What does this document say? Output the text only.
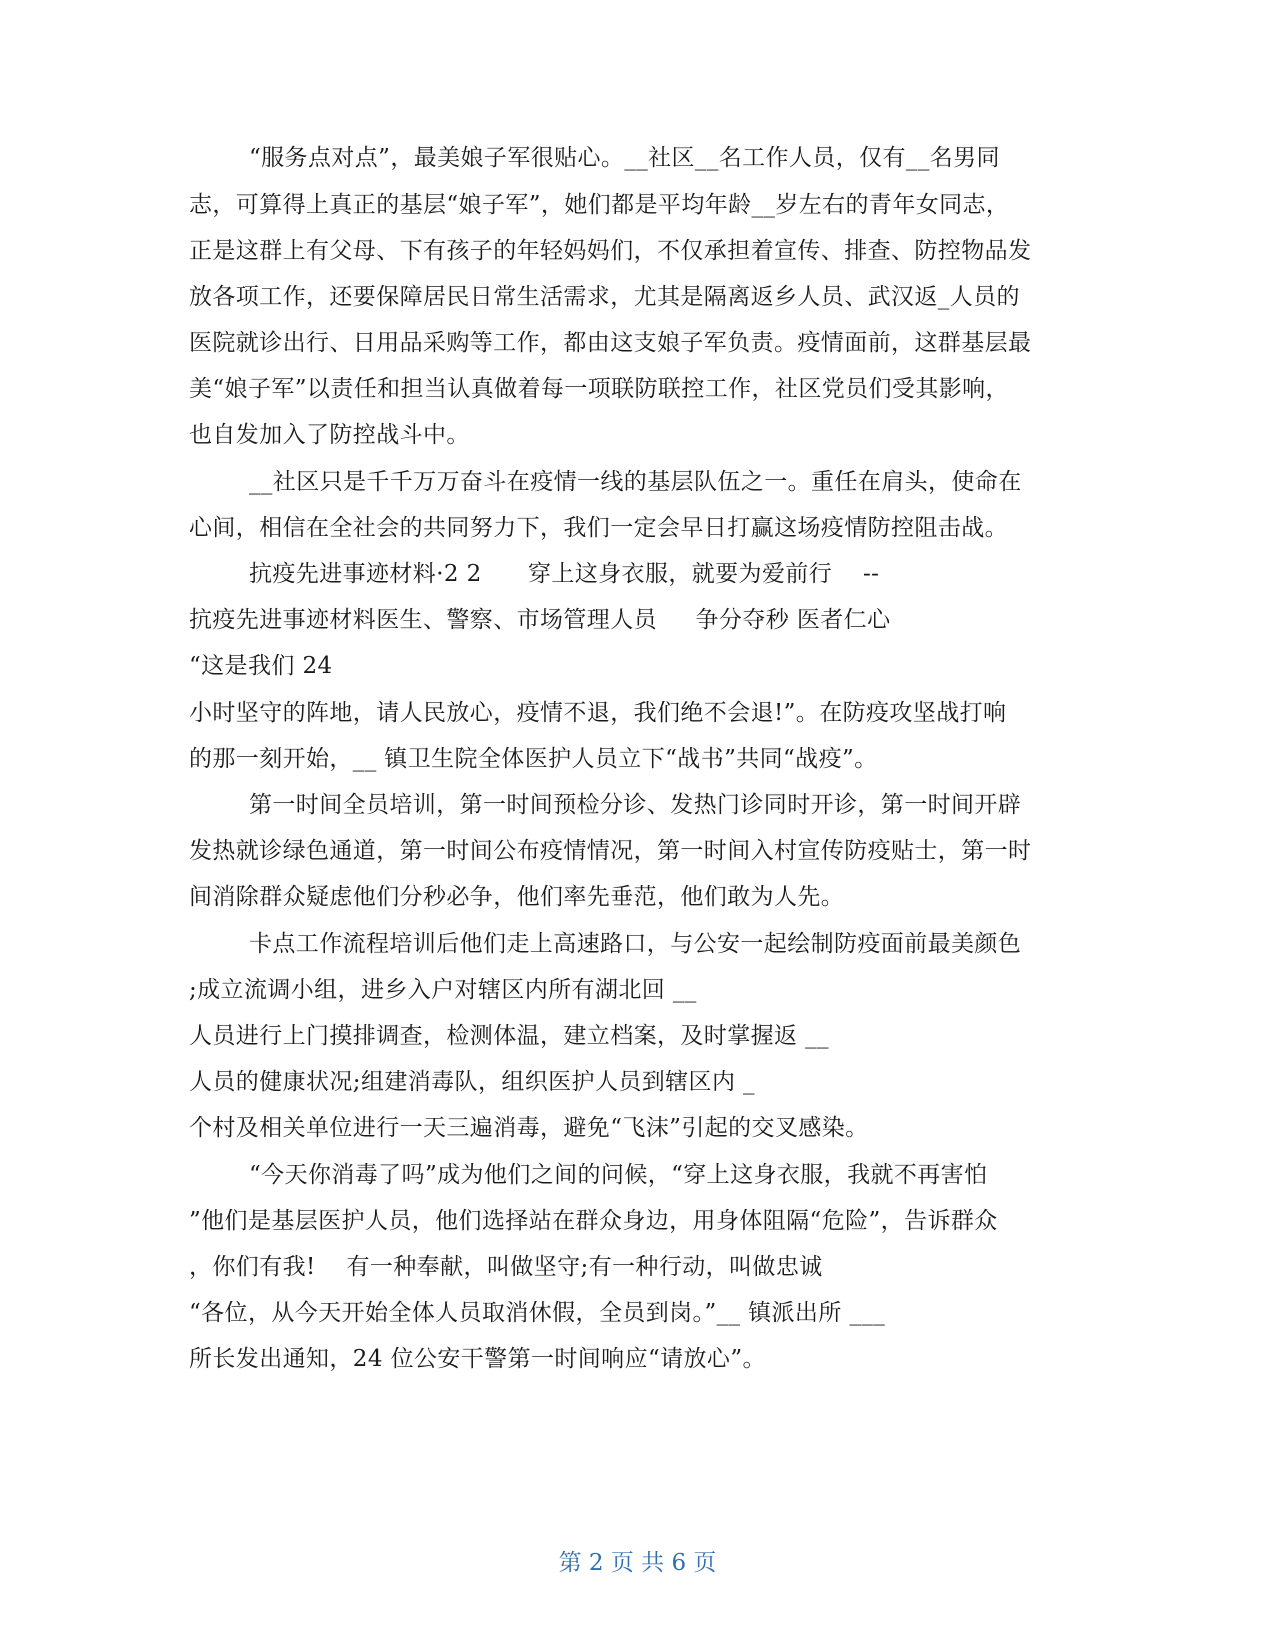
“服务点对点”，最美娘子军很贴心。__社区__名工作人员，仅有__名男同
志，可算得上真正的基层“娘子军”，她们都是平均年龄__岁左右的青年女同志，
正是这群上有父母、下有孩子的年轻妈妈们，不仅承担着宣传、排查、防控物品发
放各项工作，还要保障居民日常生活需求，尤其是隔离返乡人员、武汉返_人员的
医院就诊出行、日用品采购等工作，都由这支娘子军负责。疫情面前，这群基层最
美“娘子军”以责任和担当认真做着每一项联防联控工作，社区党员们受其影响，
也自发加入了防控战斗中。
__社区只是千千万万奋斗在疫情一线的基层队伍之一。重任在肩头，使命在
心间，相信在全社会的共同努力下，我们一定会早日打赢这场疫情防控阻击战。
抗疫先进事迹材料·2 2      穿上这身衣服，就要为爱前行    --
抗疫先进事迹材料医生、警察、市场管理人员     争分夺秒 医者仁心
“这是我们 24
小时坚守的阵地，请人民放心，疫情不退，我们绝不会退!”。在防疫攻坚战打响
的那一刻开始，__ 镇卫生院全体医护人员立下“战书”共同“战疫”。
第一时间全员培训，第一时间预检分诊、发热门诊同时开诊，第一时间开辟
发热就诊绿色通道，第一时间公布疫情情况，第一时间入村宣传防疫贴士，第一时
间消除群众疑虑他们分秒必争，他们率先垂范，他们敢为人先。
卡点工作流程培训后他们走上高速路口，与公安一起绘制防疫面前最美颜色
;成立流调小组，进乡入户对辖区内所有湖北回 __
人员进行上门摸排调查，检测体温，建立档案，及时掌握返 __
人员的健康状况;组建消毒队，组织医护人员到辖区内 _
个村及相关单位进行一天三遍消毒，避免“飞沫”引起的交叉感染。
“今天你消毒了吗”成为他们之间的问候，“穿上这身衣服，我就不再害怕
”他们是基层医护人员，他们选择站在群众身边，用身体阻隔“危险”，告诉群众
，你们有我!    有一种奉献，叫做坚守;有一种行动，叫做忠诚
“各位，从今天开始全体人员取消休假，全员到岗。”__ 镇派出所 ___
所长发出通知，24 位公安干警第一时间响应“请放心”。
第 2 页 共 6 页
